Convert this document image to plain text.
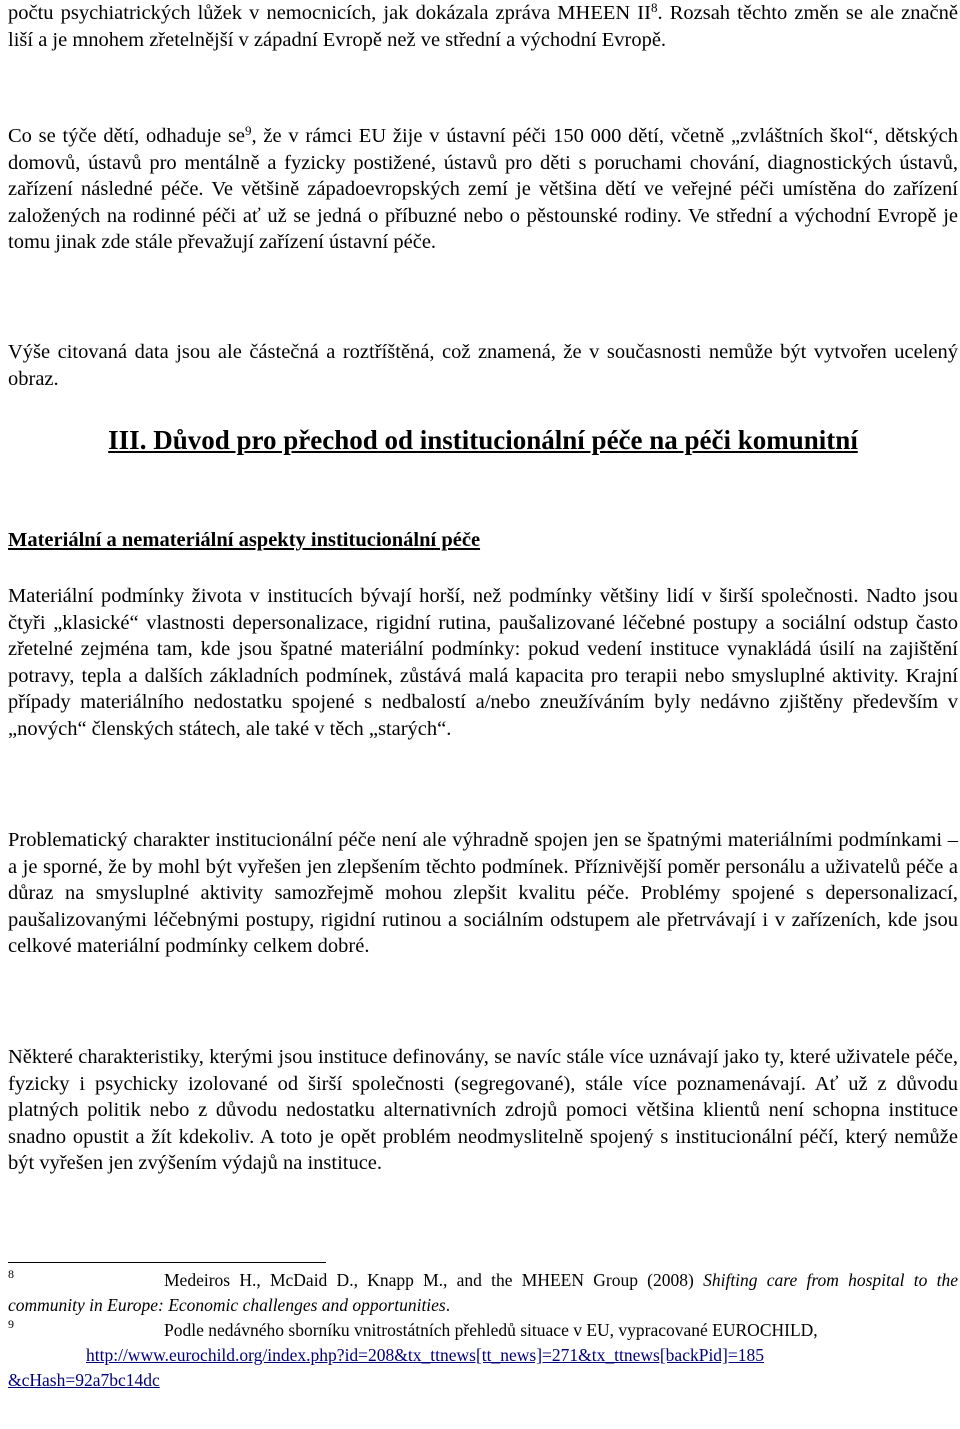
počtu psychiatrických lůžek v nemocnicích, jak dokázala zpráva MHEEN $II^8$. Rozsah těchto změn se ale značně liší a je mnohem zřetelnější v západní Evropě než ve střední a východní Evropě.

Co se týče dětí, odhaduje $se^9$, že v rámci EU žije v ústavní péči 150 000 dětí, včetně „zvláštních škol“, dětských domovů, ústavů pro mentálně a fyzicky postižené, ústavů pro děti s poruchami chování, diagnostických ústavů, zařízení následné péče. Ve většině západoevropských zemí je většina dětí ve veřejné péči umístěna do zařízení založených na rodinné péči ať už se jedná o příbuzné nebo o pěstounské rodiny. Ve střední a východní Evropě je tomu jinak zde stále převažují zařízení ústavní péče.

Výše citovaná data jsou ale částečná a roztříštěná, což znamená, že v současnosti nemůže být vytvořen ucelený obraz.

III. Důvod pro přechod od institucionální péče na péči komunitní
Materiální a nemateriální aspekty institucionální péče

Materiální podmínky života v institucích bývají horší, než podmínky většiny lidí v širší společnosti. Nadto jsou čtyři „klasické“ vlastnosti depersonalizace, rigidní rutina, paušalizované léčebné postupy a sociální odstup často zřetelné zejména tam, kde jsou špatné materiální podmínky: pokud vedení instituce vynakládá úsilí na zajištění potravy, tepla a dalších základních podmínek, zůstává malá kapacita pro terapii nebo smysluplné aktivity. Krajní případy materiálního nedostatku spojené s nedbalostí a/nebo zneužíváním byly nedávno zjištěny především v „nových“ členských státech, ale také v těch „starých“.

Problematický charakter institucionální péče není ale výhradně spojen jen se špatnými materiálními podmínkami – a je sporné, že by mohl být vyřešen jen zlepšením těchto podmínek. Příznivější poměr personálu a uživatelů péče a důraz na smysluplné aktivity samozřejmě mohou zlepšit kvalitu péče. Problémy spojené s depersonalizací, paušalizovanými léčebnými postupy, rigidní rutinou a sociálním odstupem ale přetrvávají i v zařízeních, kde jsou celkové materiální podmínky celkem dobré.

Některé charakteristiky, kterými jsou instituce definovány, se navíc stále více uznávají jako ty, které uživatele péče, fyzicky i psychicky izolované od širší společnosti (segregované), stále více poznamenávají. Ať už z důvodu platných politik nebo z důvodu nedostatku alternativních zdrojů pomoci většina klientů není schopna instituce snadno opustit a žít kdekoliv. A toto je opět problém neodmyslitelně spojený s institucionální péčí, který nemůže být vyřešen jen zvýšením výdajů na instituce.

$^8$	Medeiros H., McDaid D., Knapp M., and the MHEEN Group (2008) Shifting care from hospital to the community in Europe: Economic challenges and opportunities.

$^9$	Podle nedávného sborníku vnitrostátních přehledů situace v EU, vypracované EUROCHILD,

http://www.eurochild.org/index.php?id=208&tx_ttnews[tt_news]=271&tx_ttnews[backPid]=185

&cHash=92a7bc14dc
